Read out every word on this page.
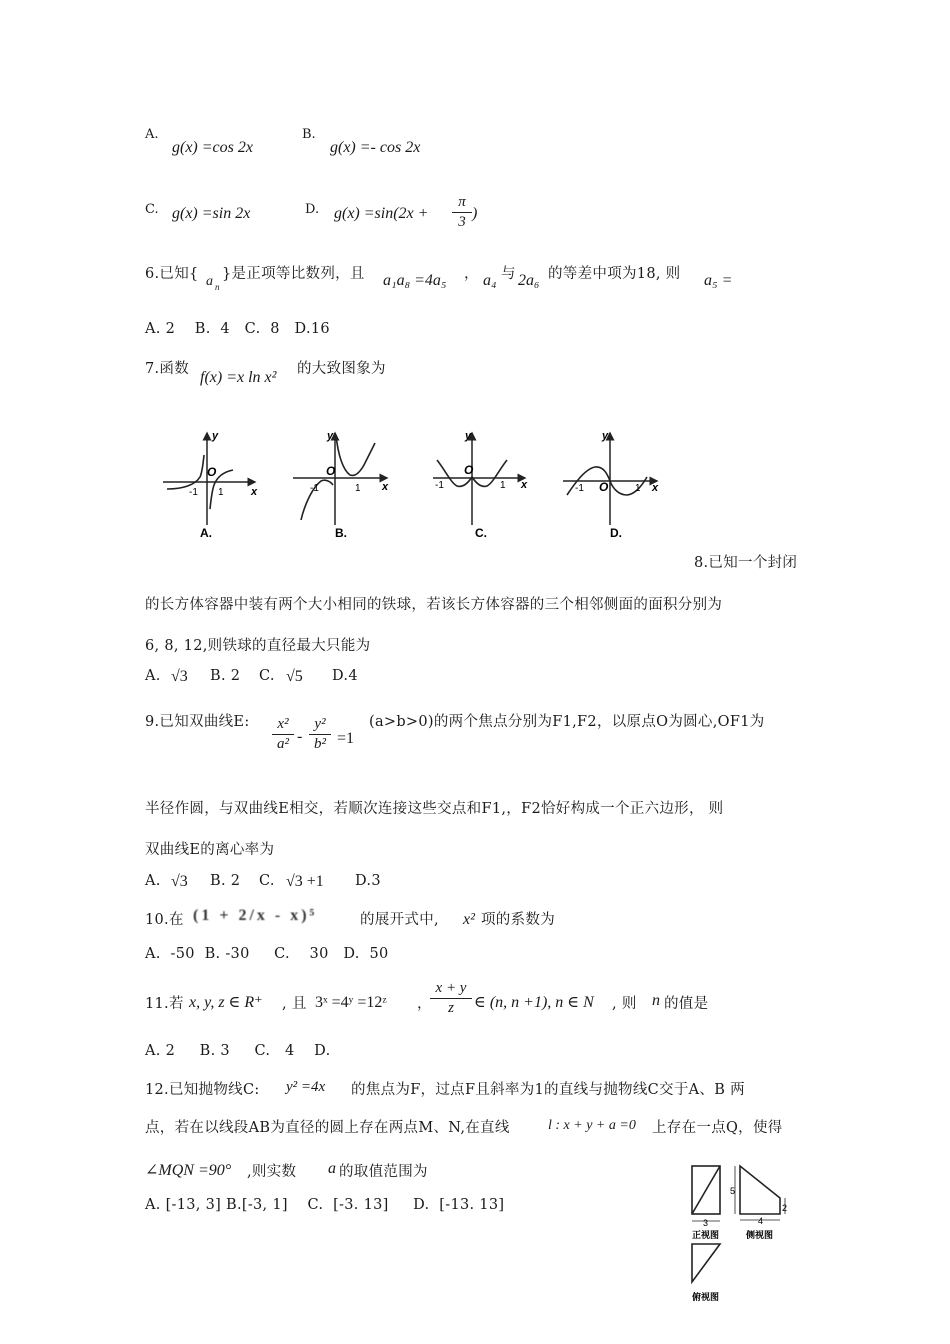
A.
g(x) =cos 2x
B.
g(x) =- cos 2x
C. g(x) =sin 2x	D. $g(x) =\sin(2x + \frac{\pi}{3}$ )
6.已知{ a n
}是正项等比数列，且 a₁a₈ =4a₅ ， a₄ 与 2a₆ 的等差中项为18, 则 a₅ =
A. 2    B.  4   C.  8   D.16
7.函数 f(x) =x ln x² 的大致图象为
y
x
O
-1 1
A.
y
x
O
-1	1
B.
y
x
O
-1	1
C.
y
x
O
-1	1
D.
8.已知一个封闭
的长方体容器中装有两个大小相同的铁球，若该长方体容器的三个相邻侧面的面积分别为
6, 8, 12,则铁球的直径最大只能为
A. √3 B. 2 C. √5 D.4
9.已知双曲线E: $\frac{\text{x²}}{\text{a²}} - \frac{\text{y²}}{\text{b²}} =1$
(a>b>0)的两个焦点分别为F1,F2，以原点O为圆心,OF1为
半径作圆，与双曲线E相交，若顺次连接这些交点和F1,，F2恰好构成一个正六边形， 则
双曲线E的离心率为
A. √3 B. 2 C. √3 +1 D.3
10.在 (1 + 2/x - x)⁵	的展开式中, x² 项的系数为
A.  -50  B. -30     C.    30   D.  50
11.若 x, y, z ∈ R⁺ , 且 3ˣ =4ʸ =12ᶻ ，
$\frac{x + y}{z}$ ∈ (n, n +1), n ∈ N , 则 n 的值是
A. 2     B. 3     C.   4    D.
12.已知抛物线C: y² =4x 的焦点为F，过点F且斜率为1的直线与抛物线C交于A、B 两
点，若在以线段AB为直径的圆上存在两点M、N,在直线	l : x + y + a =0 上存在一点Q，使得
∠MQN =90° ,则实数 a 的取值范围为
A. [-13, 3] B.[-3, 1]    C.  [-3. 13]     D.  [-13. 13]
3
正视图
5
4
2
侧视图
俯视图
